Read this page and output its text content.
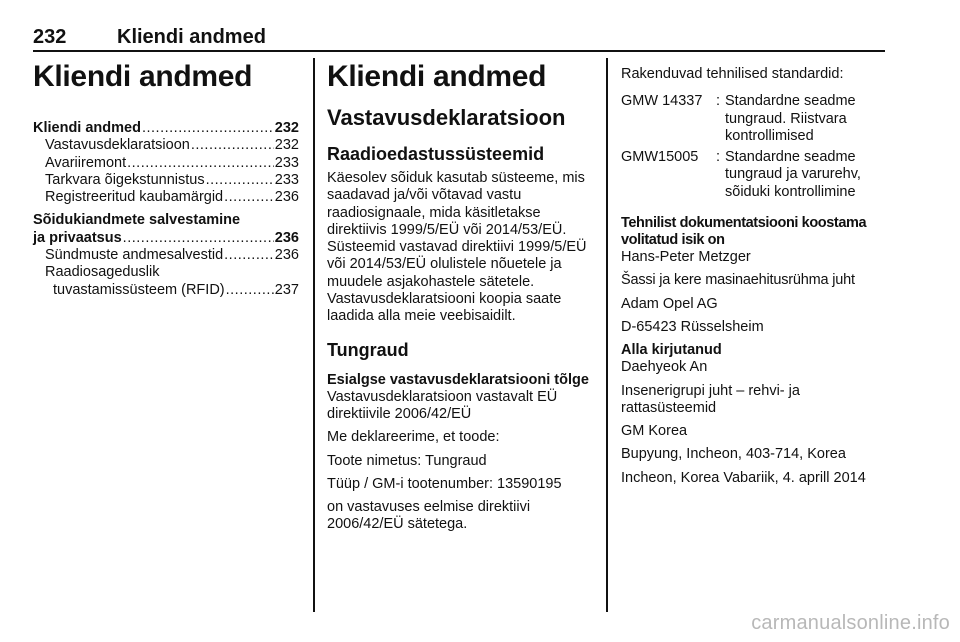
232	Kliendi andmed
Kliendi andmed
Kliendi andmed .....	232
Vastavusdeklaratsioon .....	232
Avariiremont .....	233
Tarkvara õigekstunnistus .....	233
Registreeritud kaubamärgid .....	236
Sõidukiandmete salvestamine
ja privaatsus .....	236
Sündmuste andmesalvestid .....	236
Raadiosageduslik
tuvastamissüsteem (RFID) .....	237
Kliendi andmed
Vastavusdeklaratsioon
Raadioedastussüsteemid

Käesolev sõiduk kasutab süsteeme, mis saadavad ja/või võtavad vastu raadiosignaale, mida käsitletakse direktiivis 1999/5/EÜ või 2014/53/EÜ. Süsteemid vastavad direktiivi 1999/5/EÜ või 2014/53/EÜ olulistele nõuetele ja muudele asjakohastele sätetele. Vastavusdeklaratsiooni koopia saate laadida alla meie veebisaidilt.

Tungraud
Esialgse vastavusdeklaratsiooni tõlge

Vastavusdeklaratsioon vastavalt EÜ direktiivile 2006/42/EÜ

Me deklareerime, et toode:

Toote nimetus: Tungraud

Tüüp / GM-i tootenumber: 13590195

on vastavuses eelmise direktiivi 2006/42/EÜ sätetega.

Rakenduvad tehnilised standardid:

GMW 14337 : Standardne seadme tungraud. Riistvara kontrollimised
GMW15005	: Standardne seadme tungraud ja varurehv, sõiduki kontrollimine
Tehnilist dokumentatsiooni koostama volitatud isik on

Hans-Peter Metzger

Šassi ja kere masinaehitusrühma juht

Adam Opel AG

D-65423 Rüsselsheim

Alla kirjutanud

Daehyeok An

Insenerigrupi juht – rehvi- ja rattasüsteemid

GM Korea

Bupyung, Incheon, 403-714, Korea

Incheon, Korea Vabariik, 4. aprill 2014

carmanualsonline.info
